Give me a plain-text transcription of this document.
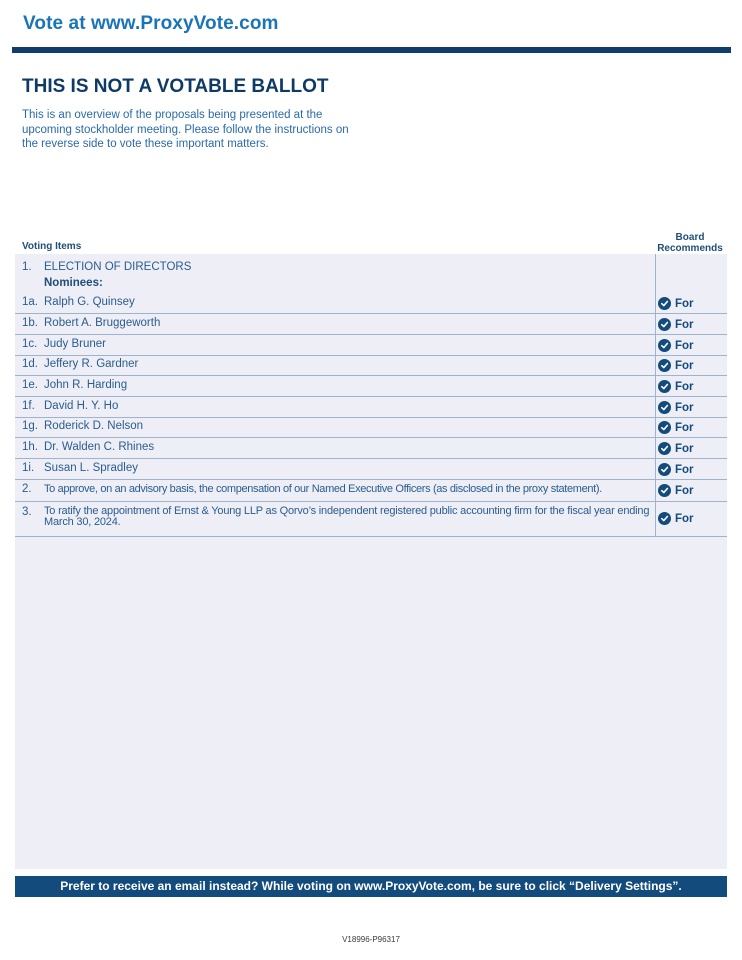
Vote at www.ProxyVote.com
THIS IS NOT A VOTABLE BALLOT
This is an overview of the proposals being presented at the upcoming stockholder meeting. Please follow the instructions on the reverse side to vote these important matters.
Voting Items
Board
Recommends
1. ELECTION OF DIRECTORS
Nominees:
1a. Ralph G. Quinsey	For
1b. Robert A. Bruggeworth	For
1c. Judy Bruner	For
1d. Jeffery R. Gardner	For
1e. John R. Harding	For
1f. David H. Y. Ho	For
1g. Roderick D. Nelson	For
1h. Dr. Walden C. Rhines	For
1i. Susan L. Spradley	For
2. To approve, on an advisory basis, the compensation of our Named Executive Officers (as disclosed in the proxy statement).	For
3. To ratify the appointment of Ernst & Young LLP as Qorvo’s independent registered public accounting firm for the fiscal year ending March 30, 2024.	For
Prefer to receive an email instead? While voting on www.ProxyVote.com, be sure to click “Delivery Settings”.
V18996-P96317
